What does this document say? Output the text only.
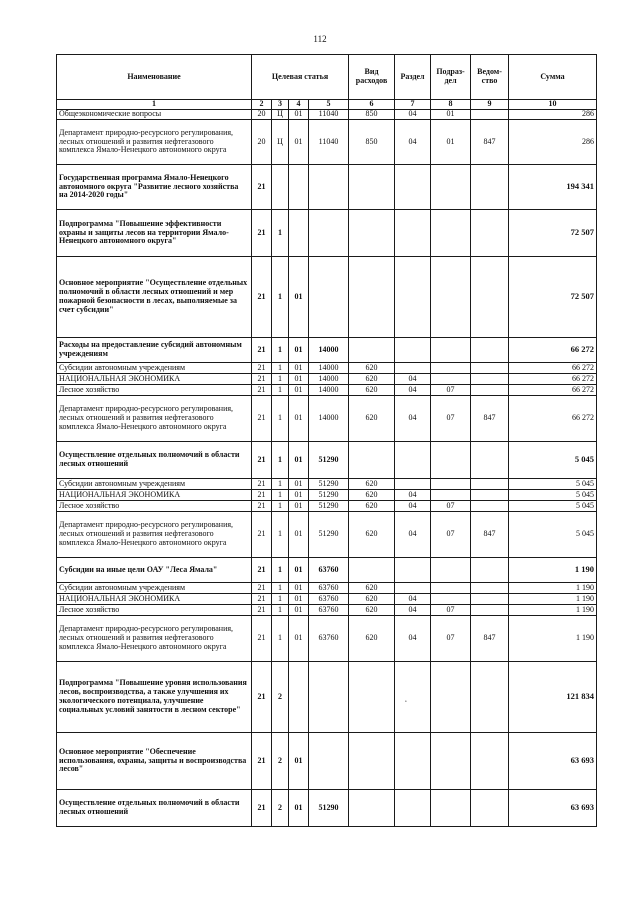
112
Наименование	Целевая статья				Вид расходов	Раздел	Подраз-дел	Ведом-ство	Сумма
1	2	3	4	5	6	7	8	9	10
Общеэкономические вопросы	20	Ц	01	11040	850	04	01		286
Департамент природно-ресурсного регулирования, лесных отношений и развития нефтегазового комплекса Ямало-Ненецкого автономного округа	20	Ц	01	11040	850	04	01	847	286
Государственная программа Ямало-Ненецкого автономного округа "Развитие лесного хозяйства на 2014-2020 годы"	21								194 341
Подпрограмма "Повышение эффективности охраны и защиты лесов на территории Ямало-Ненецкого автономного округа"	21	1							72 507
Основное мероприятие "Осуществление отдельных полномочий в области лесных отношений и мер пожарной безопасности в лесах, выполняемые за счет субсидии"	21	1	01						72 507
Расходы на предоставление субсидий автономным учреждениям	21	1	01	14000					66 272
Субсидии автономным учреждениям	21	1	01	14000	620				66 272
НАЦИОНАЛЬНАЯ ЭКОНОМИКА	21	1	01	14000	620	04			66 272
Лесное хозяйство	21	1	01	14000	620	04	07		66 272
Департамент природно-ресурсного регулирования, лесных отношений и развития нефтегазового комплекса Ямало-Ненецкого автономного округа	21	1	01	14000	620	04	07	847	66 272
Осуществление отдельных полномочий в области лесных отношений	21	1	01	51290					5 045
Субсидии автономным учреждениям	21	1	01	51290	620				5 045
НАЦИОНАЛЬНАЯ ЭКОНОМИКА	21	1	01	51290	620	04			5 045
Лесное хозяйство	21	1	01	51290	620	04	07		5 045
Департамент природно-ресурсного регулирования, лесных отношений и развития нефтегазового комплекса Ямало-Ненецкого автономного округа	21	1	01	51290	620	04	07	847	5 045
Субсидии на иные цели ОАУ "Леса Ямала"	21	1	01	63760					1 190
Субсидии автономным учреждениям	21	1	01	63760	620				1 190
НАЦИОНАЛЬНАЯ ЭКОНОМИКА	21	1	01	63760	620	04			1 190
Лесное хозяйство	21	1	01	63760	620	04	07		1 190
Департамент природно-ресурсного регулирования, лесных отношений и развития нефтегазового комплекса Ямало-Ненецкого автономного округа	21	1	01	63760	620	04	07	847	1 190
Подпрограмма "Повышение уровня использования лесов, воспроизводства, а также улучшения их экологического потенциала, улучшение социальных условий занятости в лесном секторе"	21	2							121 834
Основное мероприятие "Обеспечение использования, охраны, защиты и воспроизводства лесов"	21	2	01						63 693
Осуществление отдельных полномочий в области лесных отношений	21	2	01	51290					63 693
•
